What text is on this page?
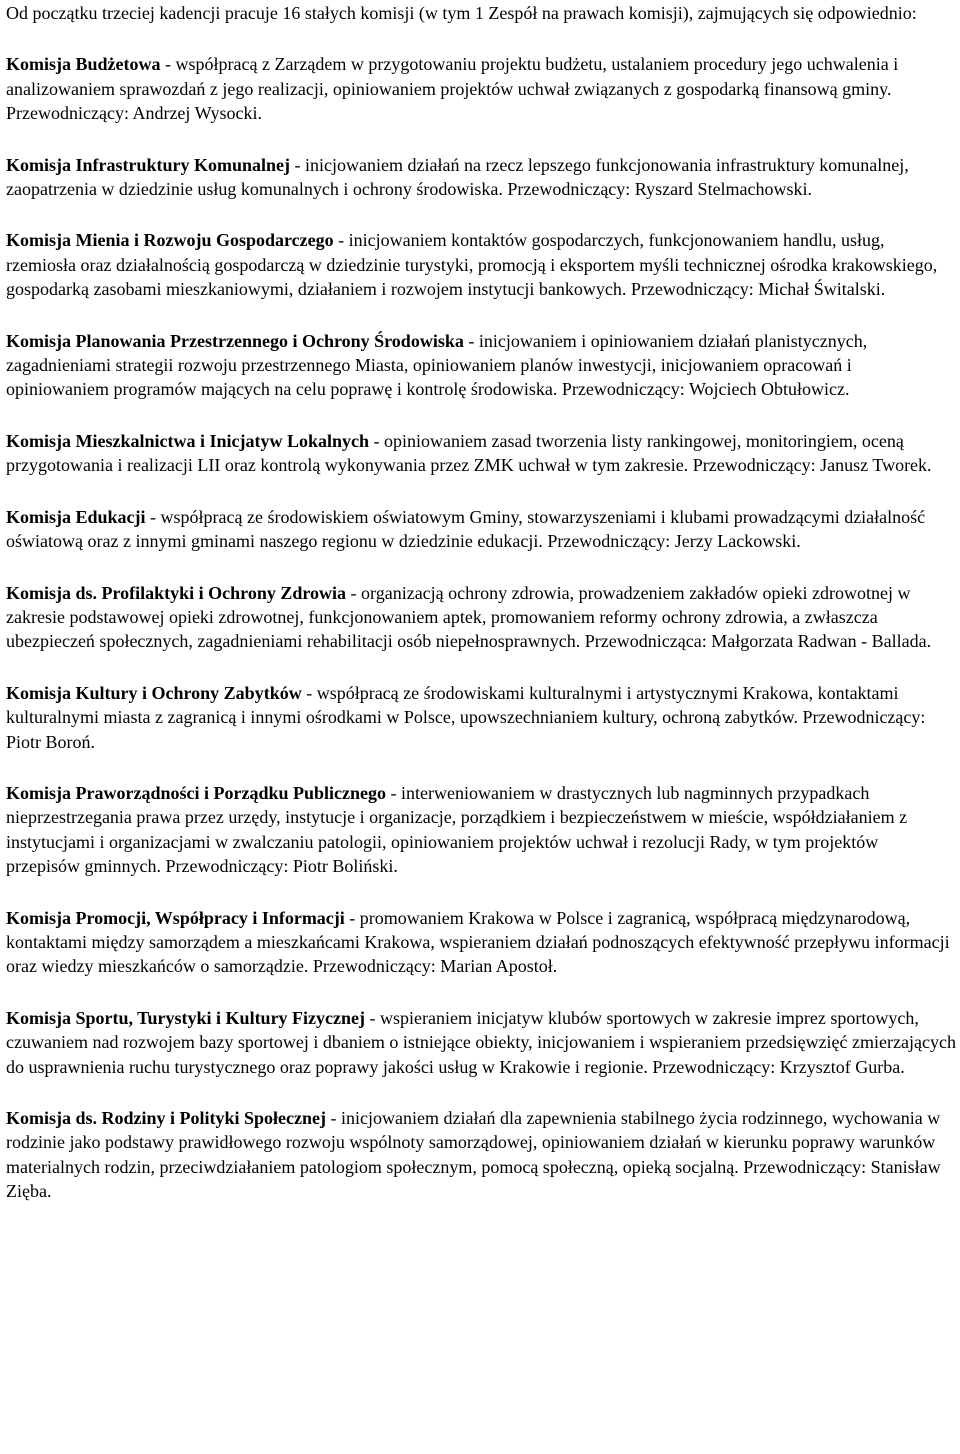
Od początku trzeciej kadencji pracuje 16 stałych komisji (w tym 1 Zespół na prawach komisji), zajmujących się odpowiednio:

Komisja Budżetowa - współpracą z Zarządem w przygotowaniu projektu budżetu, ustalaniem procedury jego uchwalenia i analizowaniem sprawozdań z jego realizacji, opiniowaniem projektów uchwał związanych z gospodarką finansową gminy. Przewodniczący: Andrzej Wysocki.

Komisja Infrastruktury Komunalnej - inicjowaniem działań na rzecz lepszego funkcjonowania infrastruktury komunalnej, zaopatrzenia w dziedzinie usług komunalnych i ochrony środowiska. Przewodniczący: Ryszard Stelmachowski.

Komisja Mienia i Rozwoju Gospodarczego - inicjowaniem kontaktów gospodarczych, funkcjonowaniem handlu, usług, rzemiosła oraz działalnością gospodarczą w dziedzinie turystyki, promocją i eksportem myśli technicznej ośrodka krakowskiego, gospodarką zasobami mieszkaniowymi, działaniem i rozwojem instytucji bankowych. Przewodniczący: Michał Świtalski.

Komisja Planowania Przestrzennego i Ochrony Środowiska - inicjowaniem i opiniowaniem działań planistycznych, zagadnieniami strategii rozwoju przestrzennego Miasta, opiniowaniem planów inwestycji, inicjowaniem opracowań i opiniowaniem programów mających na celu poprawę i kontrolę środowiska. Przewodniczący: Wojciech Obtułowicz.

Komisja Mieszkalnictwa i Inicjatyw Lokalnych - opiniowaniem zasad tworzenia listy rankingowej, monitoringiem, oceną przygotowania i realizacji LII oraz kontrolą wykonywania przez ZMK uchwał w tym zakresie. Przewodniczący: Janusz Tworek.

Komisja Edukacji - współpracą ze środowiskiem oświatowym Gminy, stowarzyszeniami i klubami prowadzącymi działalność oświatową oraz z innymi gminami naszego regionu w dziedzinie edukacji. Przewodniczący: Jerzy Lackowski.

Komisja ds. Profilaktyki i Ochrony Zdrowia - organizacją ochrony zdrowia, prowadzeniem zakładów opieki zdrowotnej w zakresie podstawowej opieki zdrowotnej, funkcjonowaniem aptek, promowaniem reformy ochrony zdrowia, a zwłaszcza ubezpieczeń społecznych, zagadnieniami rehabilitacji osób niepełnosprawnych. Przewodnicząca: Małgorzata Radwan - Ballada.

Komisja Kultury i Ochrony Zabytków - współpracą ze środowiskami kulturalnymi i artystycznymi Krakowa, kontaktami kulturalnymi miasta z zagranicą i innymi ośrodkami w Polsce, upowszechnianiem kultury, ochroną zabytków. Przewodniczący: Piotr Boroń.

Komisja Praworządności i Porządku Publicznego - interweniowaniem w drastycznych lub nagminnych przypadkach nieprzestrzegania prawa przez urzędy, instytucje i organizacje, porządkiem i bezpieczeństwem w mieście, współdziałaniem z instytucjami i organizacjami w zwalczaniu patologii, opiniowaniem projektów uchwał i rezolucji Rady, w tym projektów przepisów gminnych. Przewodniczący: Piotr Boliński.

Komisja Promocji, Współpracy i Informacji - promowaniem Krakowa w Polsce i zagranicą, współpracą międzynarodową, kontaktami między samorządem a mieszkańcami Krakowa, wspieraniem działań podnoszących efektywność przepływu informacji oraz wiedzy mieszkańców o samorządzie. Przewodniczący: Marian Apostoł.

Komisja Sportu, Turystyki i Kultury Fizycznej - wspieraniem inicjatyw klubów sportowych w zakresie imprez sportowych, czuwaniem nad rozwojem bazy sportowej i dbaniem o istniejące obiekty, inicjowaniem i wspieraniem przedsięwzięć zmierzających do usprawnienia ruchu turystycznego oraz poprawy jakości usług w Krakowie i regionie. Przewodniczący: Krzysztof Gurba.

Komisja ds. Rodziny i Polityki Społecznej - inicjowaniem działań dla zapewnienia stabilnego życia rodzinnego, wychowania w rodzinie jako podstawy prawidłowego rozwoju wspólnoty samorządowej, opiniowaniem działań w kierunku poprawy warunków materialnych rodzin, przeciwdziałaniem patologiom społecznym, pomocą społeczną, opieką socjalną. Przewodniczący: Stanisław Zięba.
